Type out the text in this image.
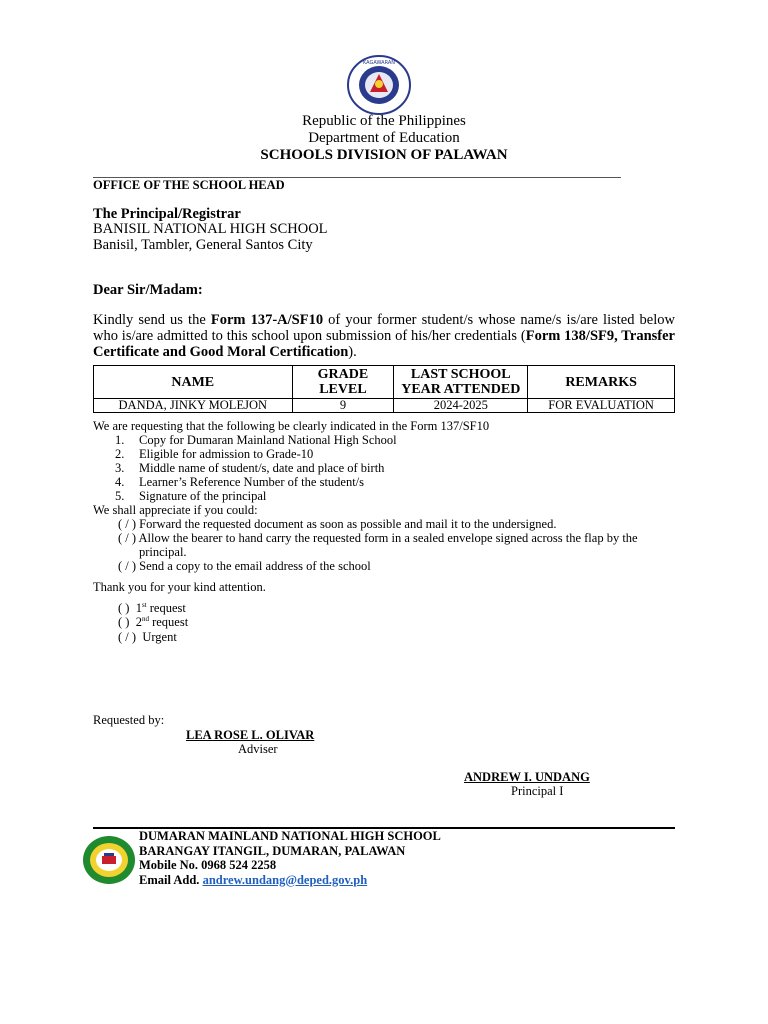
KAGAWARAN
Republic of the Philippines
Department of Education
SCHOOLS DIVISION OF PALAWAN
OFFICE OF THE SCHOOL HEAD
The Principal/Registrar
BANISIL NATIONAL HIGH SCHOOL
Banisil, Tambler, General Santos City
Dear Sir/Madam:
Kindly send us the Form 137-A/SF10 of your former student/s whose name/s is/are listed below who is/are admitted to this school upon submission of his/her credentials (Form 138/SF9, Transfer Certificate and Good Moral Certification).
NAME	GRADE LEVEL	LAST SCHOOL YEAR ATTENDED	REMARKS
DANDA, JINKY MOLEJON	9	2024-2025	FOR EVALUATION
We are requesting that the following be clearly indicated in the Form 137/SF10
1. Copy for Dumaran Mainland National High School
2. Eligible for admission to Grade-10
3. Middle name of student/s, date and place of birth
4. Learner’s Reference Number of the student/s
5. Signature of the principal
We shall appreciate if you could:
( / ) Forward the requested document as soon as possible and mail it to the undersigned.
( / ) Allow the bearer to hand carry the requested form in a sealed envelope signed across the flap by the
principal.
( / ) Send a copy to the email address of the school
Thank you for your kind attention.
( ) 1st request
( ) 2nd request
( / ) Urgent
Requested by:
LEA ROSE L. OLIVAR
Adviser
ANDREW I. UNDANG
Principal I
DUMARAN MAINLAND NATIONAL HIGH SCHOOL
BARANGAY ITANGIL, DUMARAN, PALAWAN
Mobile No. 0968 524 2258
Email Add. andrew.undang@deped.gov.ph
